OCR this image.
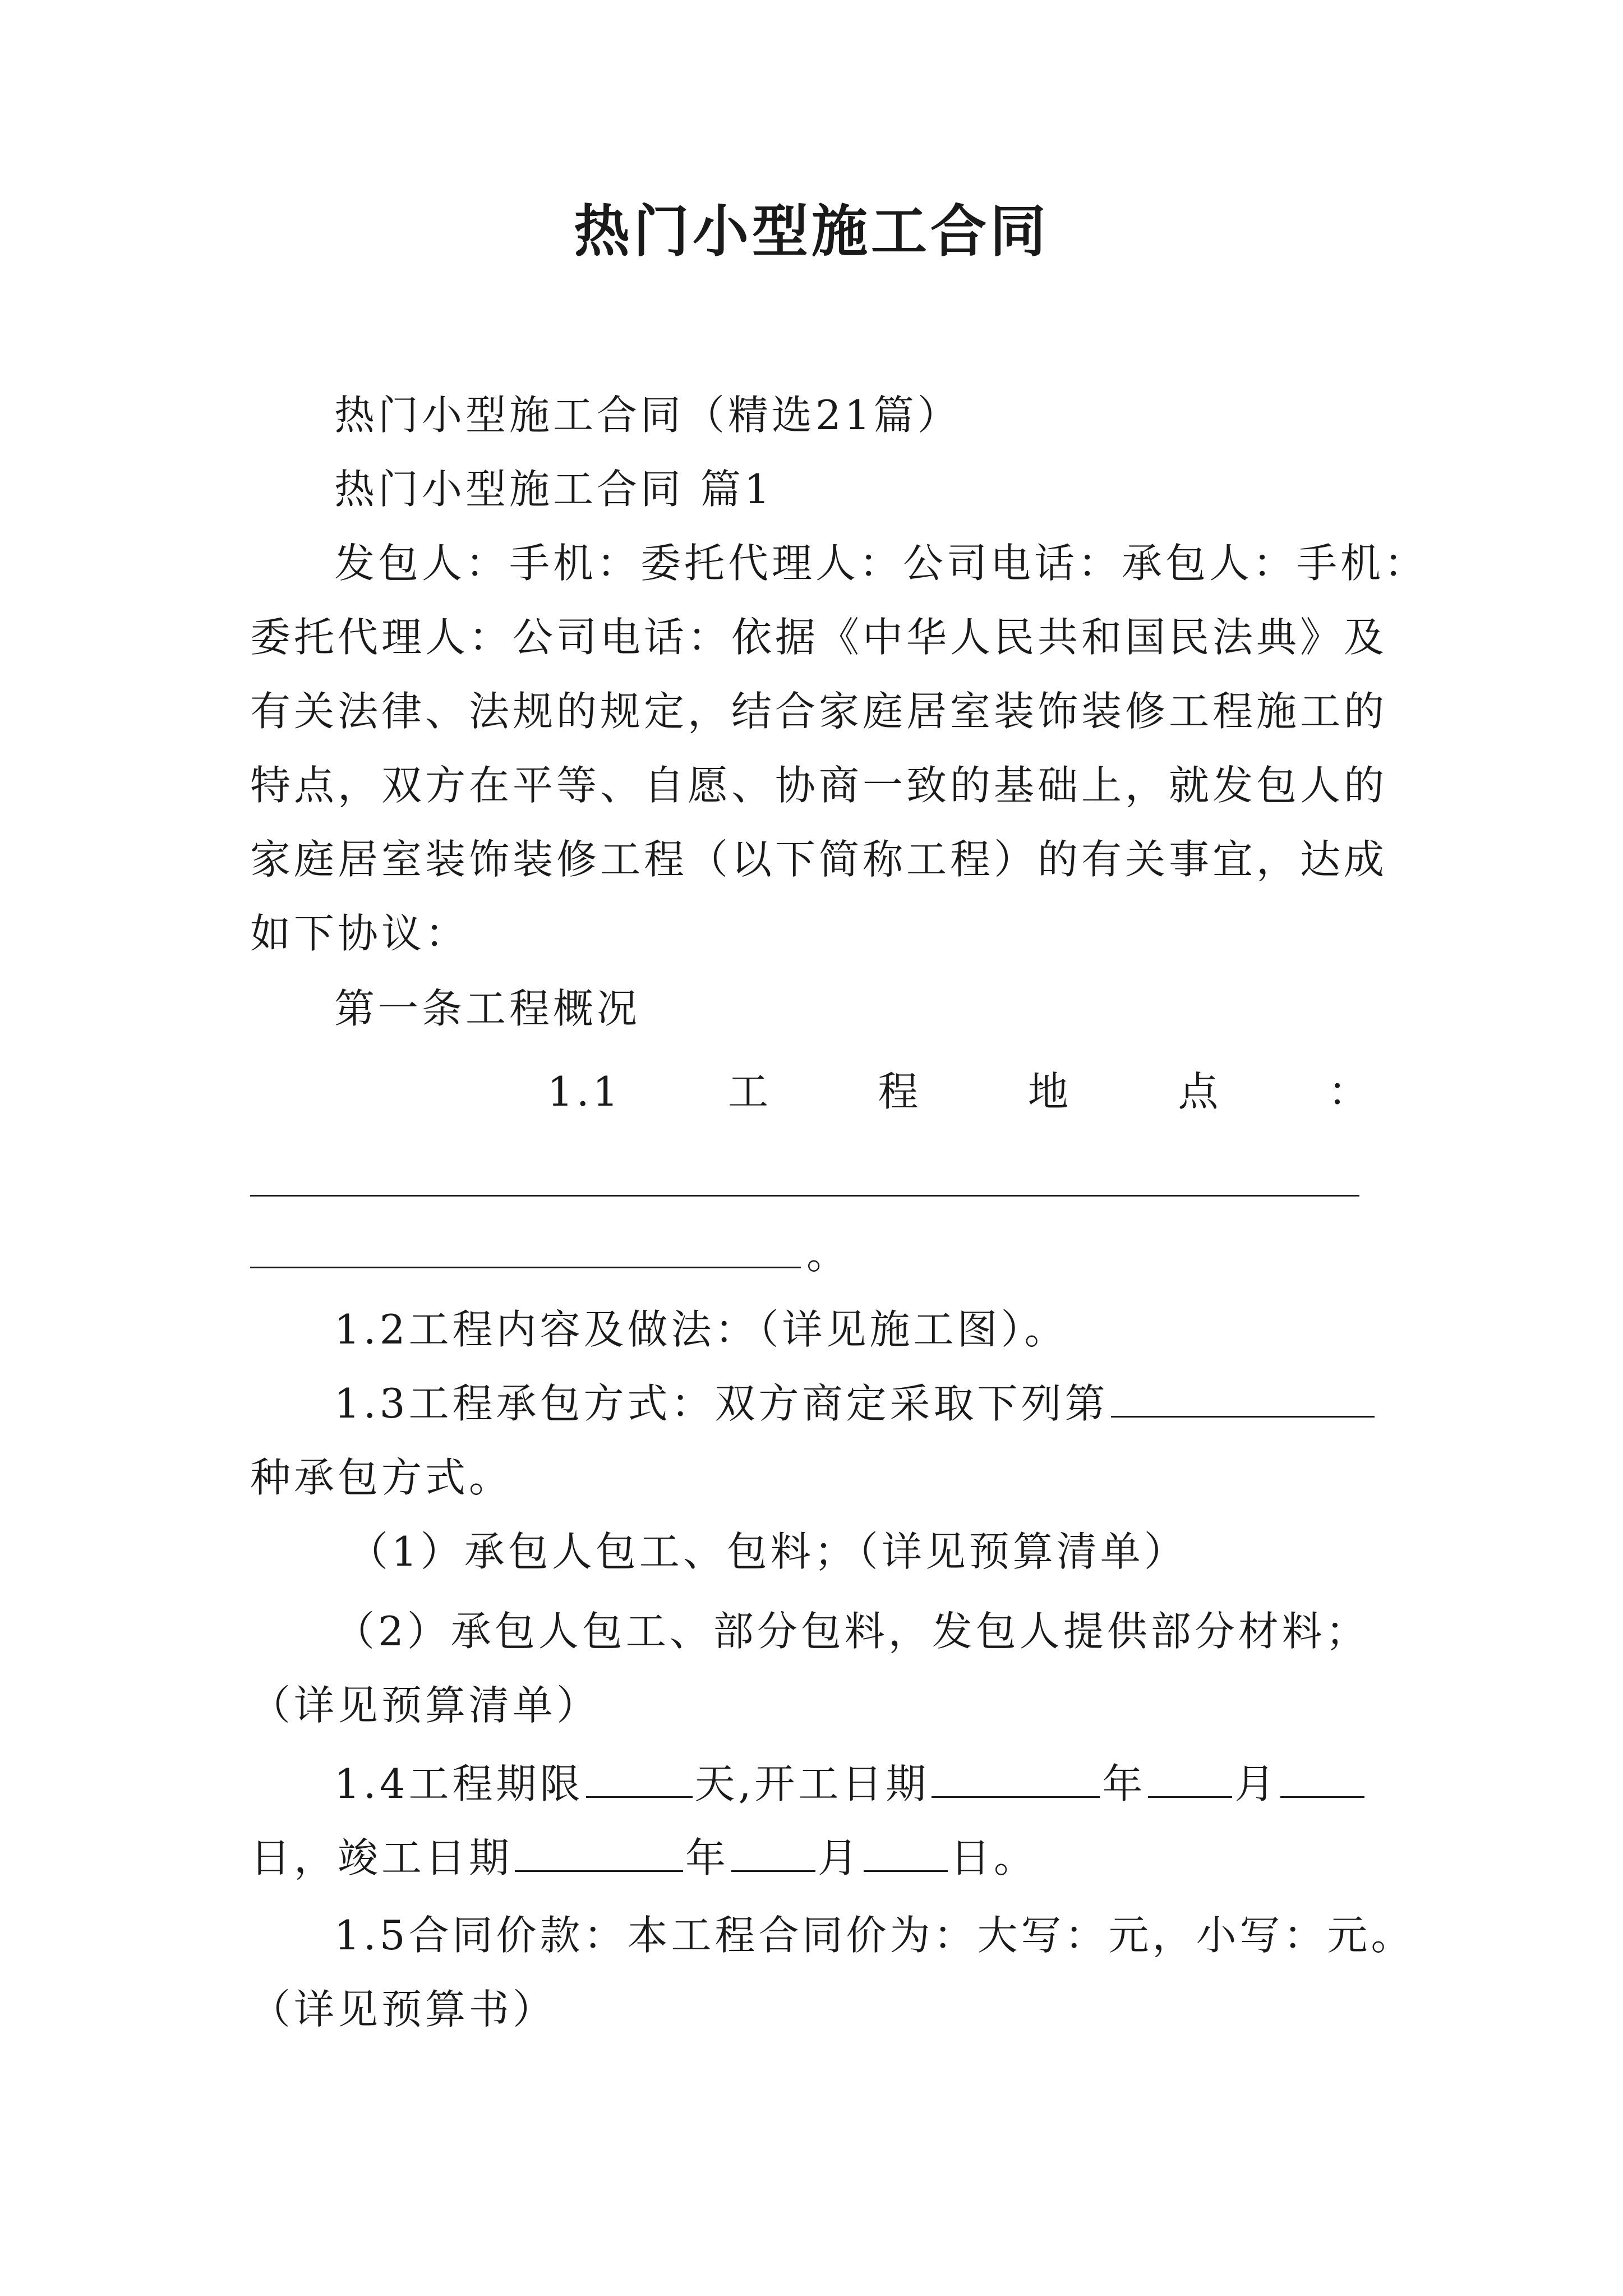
热门小型施工合同
热门小型施工合同（精选21篇）
热门小型施工合同 篇1
发包人：手机：委托代理人：公司电话：承包人：手机：
委托代理人：公司电话：依据《中华人民共和国民法典》及
有关法律、法规的规定，结合家庭居室装饰装修工程施工的
特点，双方在平等、自愿、协商一致的基础上，就发包人的
家庭居室装饰装修工程（以下简称工程）的有关事宜，达成
如下协议：
第一条工程概况
1.1	工	程	地	点	：
。
1.2工程内容及做法：（详见施工图）。
1.3工程承包方式：双方商定采取下列第
种承包方式。
（1）承包人包工、包料；（详见预算清单）
（2）承包人包工、部分包料，发包人提供部分材料；
（详见预算清单）
1.4工程期限	天,开工日期	年 月
日，竣工日期	年 月 日。
1.5合同价款：本工程合同价为：大写：元，小写：元。
（详见预算书）
